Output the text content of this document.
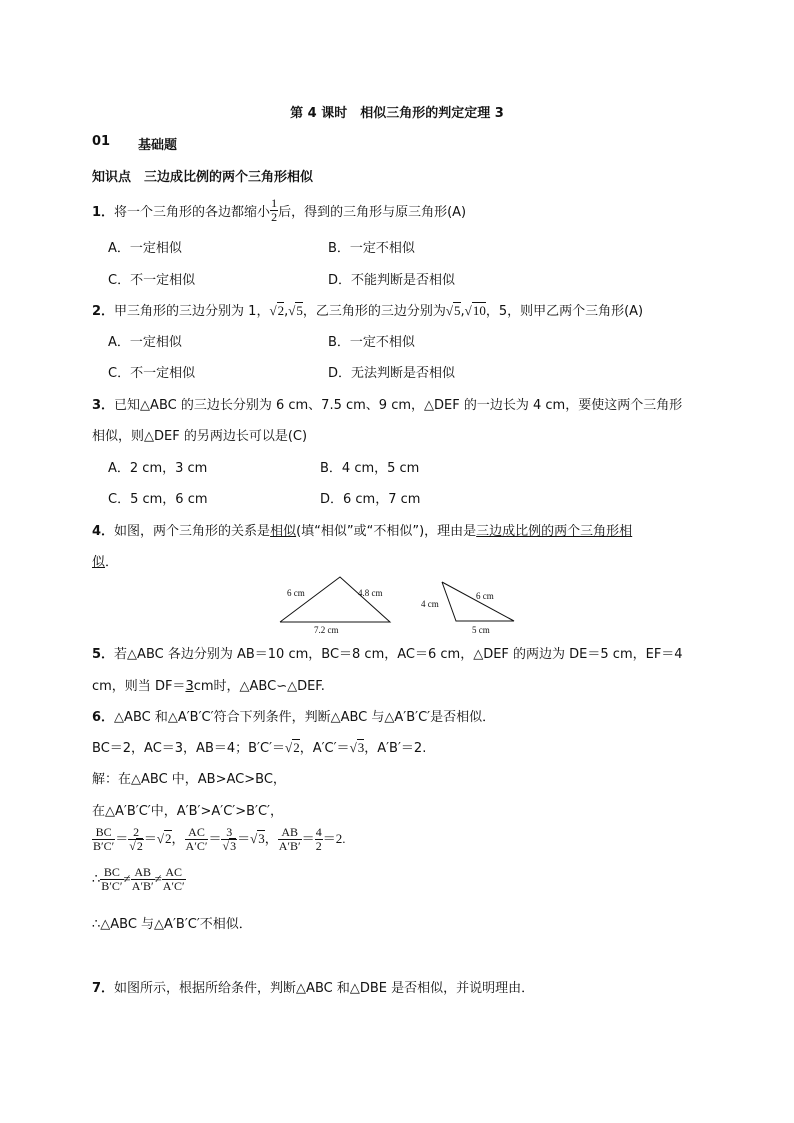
第 4 课时　相似三角形的判定定理 3
01 基础题
知识点　三边成比例的两个三角形相似
1．将一个三角形的各边都缩小 $\frac{1}{2}$ 后，得到的三角形与原三角形(A)
A．一定相似	B．一定不相似
C．不一定相似	D．不能判断是否相似
2．甲三角形的三边分别为 1，√2,√5，乙三角形的三边分别为√5,√10，5，则甲乙两个三角形(A)
A．一定相似	B．一定不相似
C．不一定相似	D．无法判断是否相似
3．已知△ABC 的三边长分别为 6 cm、7.5 cm、9 cm，△DEF 的一边长为 4 cm，要使这两个三角形
相似，则△DEF 的另两边长可以是(C)
A．2 cm，3 cm	B．4 cm，5 cm
C．5 cm，6 cm	D．6 cm，7 cm
4．如图，两个三角形的关系是相似(填“相似”或“不相似”)，理由是三边成比例的两个三角形相
似．
6 cm	4.8 cm
7.2 cm
4 cm
6 cm
5 cm
5．若△ABC 各边分别为 AB＝10 cm，BC＝8 cm，AC＝6 cm，△DEF 的两边为 DE＝5 cm，EF＝4
cm，则当 DF＝3cm时，△ABC∽△DEF.
6．△ABC 和△A′B′C′符合下列条件，判断△ABC 与△A′B′C′是否相似．
BC＝2，AC＝3，AB＝4；B′C′＝√2，A′C′＝√3，A′B′＝2.
解：在△ABC 中，AB>AC>BC，
在△A′B′C′中，A′B′>A′C′>B′C′，
$\frac{BC}{B'C'} = \frac{2}{√2} =√2$， $\frac{AC}{A'C'} = \frac{3}{√3} =√3$， $\frac{AB}{A'B'} = \frac{4}{2} =2$.
∴ $\frac{BC}{B'C'} \ne \frac{AB}{A'B'} \ne \frac{AC}{A'C'}$
∴△ABC 与△A′B′C′不相似．
7．如图所示，根据所给条件，判断△ABC 和△DBE 是否相似，并说明理由．
